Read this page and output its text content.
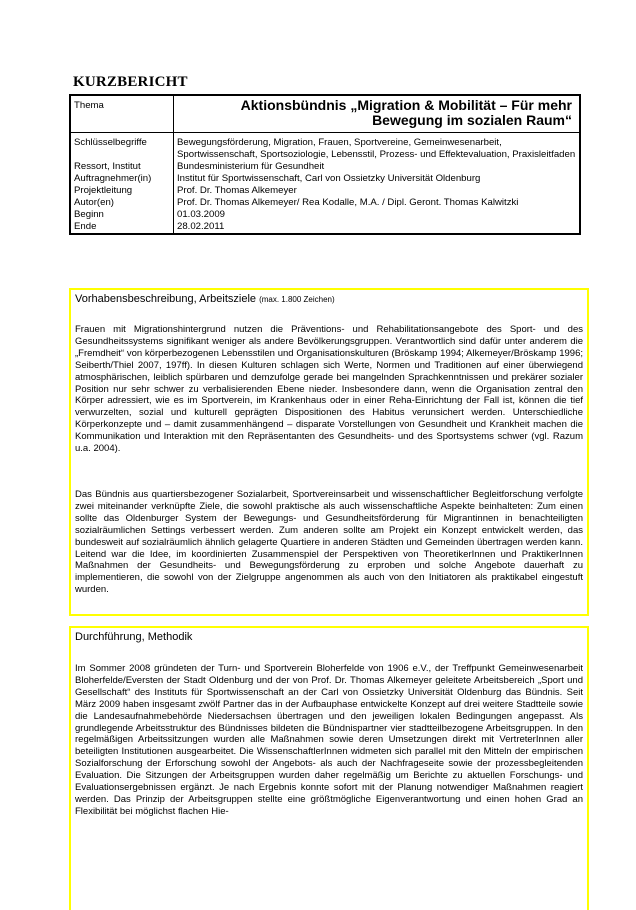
KURZBERICHT
Thema	Aktionsbündnis „Migration & Mobilität – Für mehr Bewegung im sozialen Raum“

Schlüsselbegriffe	Bewegungsförderung, Migration, Frauen, Sportvereine, Gemeinwesenarbeit, Sportwissenschaft, Sportsoziologie, Lebensstil, Prozess- und Effektevaluation, Praxisleitfaden
Ressort, Institut	Bundesministerium für Gesundheit
Auftragnehmer(in)	Institut für Sportwissenschaft, Carl von Ossietzky Universität Oldenburg
Projektleitung	Prof. Dr. Thomas Alkemeyer
Autor(en)	Prof. Dr. Thomas Alkemeyer/ Rea Kodalle, M.A. / Dipl. Geront. Thomas Kalwitzki
Beginn	01.03.2009
Ende	28.02.2011
Vorhabensbeschreibung, Arbeitsziele (max. 1.800 Zeichen)

Frauen mit Migrationshintergrund nutzen die Präventions- und Rehabilitationsangebote des Sport- und des Gesundheitssystems signifikant weniger als andere Bevölkerungsgruppen. Verantwortlich sind dafür unter anderem die „Fremdheit“ von körperbezogenen Lebensstilen und Organisationskulturen (Bröskamp 1994; Alkemeyer/Bröskamp 1996; Seiberth/Thiel 2007, 197ff). In diesen Kulturen schlagen sich Werte, Normen und Traditionen auf einer überwiegend atmosphärischen, leiblich spürbaren und demzufolge gerade bei mangelnden Sprachkenntnissen und prekärer sozialer Position nur sehr schwer zu verbalisierenden Ebene nieder. Insbesondere dann, wenn die Organisation zentral den Körper adressiert, wie es im Sportverein, im Krankenhaus oder in einer Reha-Einrichtung der Fall ist, können die tief verwurzelten, sozial und kulturell geprägten Dispositionen des Habitus verunsichert werden. Unterschiedliche Körperkonzepte und – damit zusammenhängend – disparate Vorstellungen von Gesundheit und Krankheit machen die Kommunikation und Interaktion mit den Repräsentanten des Gesundheits- und des Sportsystems schwer (vgl. Razum u.a. 2004).

Das Bündnis aus quartiersbezogener Sozialarbeit, Sportvereinsarbeit und wissenschaftlicher Begleitforschung verfolgte zwei miteinander verknüpfte Ziele, die sowohl praktische als auch wissenschaftliche Aspekte beinhalteten: Zum einen sollte das Oldenburger System der Bewegungs- und Gesundheitsförderung für Migrantinnen in benachteiligten sozialräumlichen Settings verbessert werden. Zum anderen sollte am Projekt ein Konzept entwickelt werden, das bundesweit auf sozialräumlich ähnlich gelagerte Quartiere in anderen Städten und Gemeinden übertragen werden kann. Leitend war die Idee, im koordinierten Zusammenspiel der Perspektiven von TheoretikerInnen und PraktikerInnen Maßnahmen der Gesundheits- und Bewegungsförderung zu erproben und solche Angebote dauerhaft zu implementieren, die sowohl von der Zielgruppe angenommen als auch von den Initiatoren als praktikabel eingestuft wurden.

Durchführung, Methodik

Im Sommer 2008 gründeten der Turn- und Sportverein Bloherfelde von 1906 e.V., der Treffpunkt Gemeinwesenarbeit Bloherfelde/Eversten der Stadt Oldenburg und der von Prof. Dr. Thomas Alkemeyer geleitete Arbeitsbereich „Sport und Gesellschaft“ des Instituts für Sportwissenschaft an der Carl von Ossietzky Universität Oldenburg das Bündnis. Seit März 2009 haben insgesamt zwölf Partner das in der Aufbauphase entwickelte Konzept auf drei weitere Stadtteile sowie die Landesaufnahmebehörde Niedersachsen übertragen und den jeweiligen lokalen Bedingungen angepasst. Als grundlegende Arbeitsstruktur des Bündnisses bildeten die Bündnispartner vier stadtteilbezogene Arbeitsgruppen. In den regelmäßigen Arbeitssitzungen wurden alle Maßnahmen sowie deren Umsetzungen direkt mit VertreterInnen aller beteiligten Institutionen ausgearbeitet. Die WissenschaftlerInnen widmeten sich parallel mit den Mitteln der empirischen Sozialforschung der Erforschung sowohl der Angebots- als auch der Nachfrageseite sowie der prozessbegleitenden Evaluation. Die Sitzungen der Arbeitsgruppen wurden daher regelmäßig um Berichte zu aktuellen Forschungs- und Evaluationsergebnissen ergänzt. Je nach Ergebnis konnte sofort mit der Planung notwendiger Maßnahmen reagiert werden. Das Prinzip der Arbeitsgruppen stellte eine größtmögliche Eigenverantwortung und einen hohen Grad an Flexibilität bei möglichst flachen Hie-
